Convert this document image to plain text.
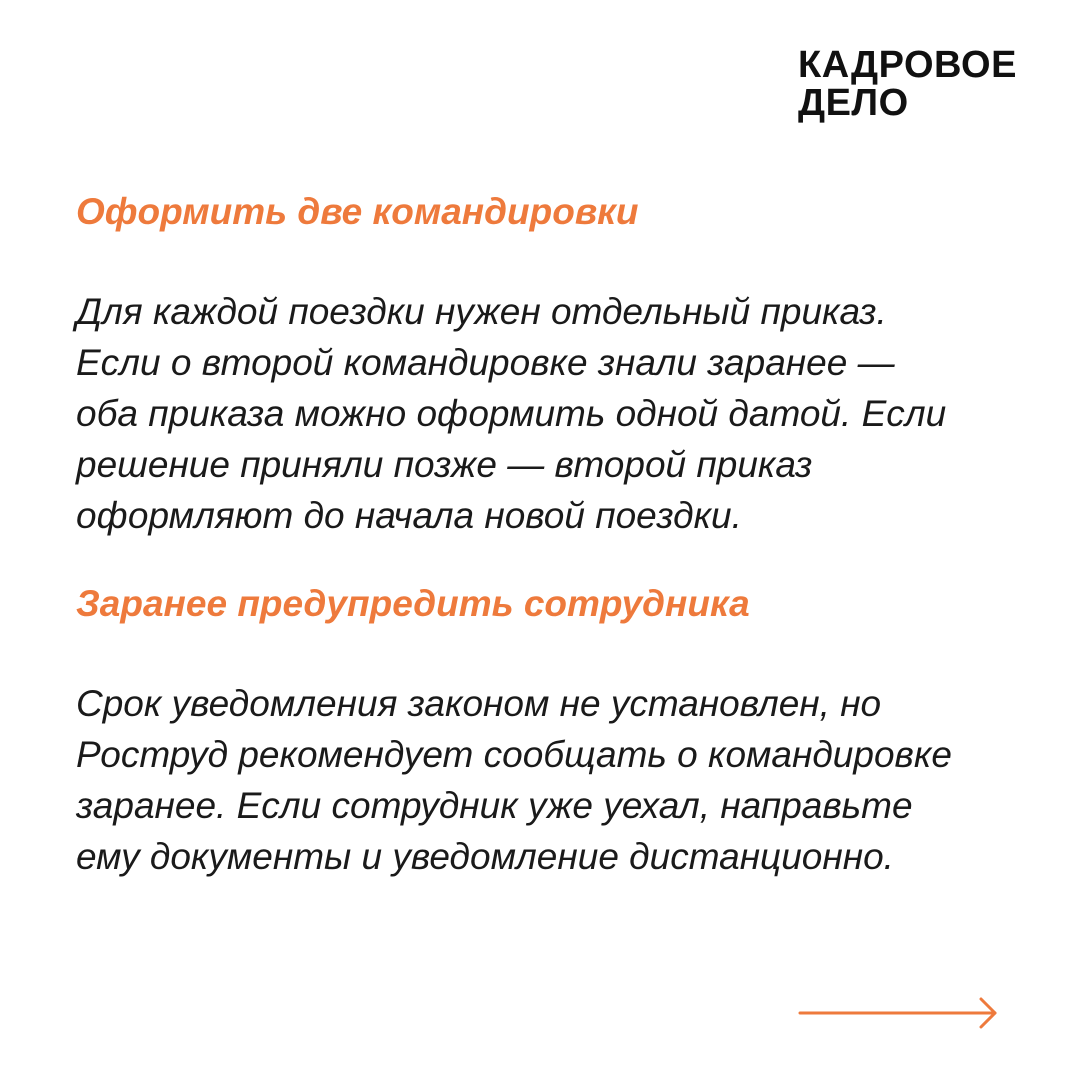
КАДРОВОЕ
ДЕЛО
Оформить две командировки

Для каждой поездки нужен отдельный приказ.
Если о второй командировке знали заранее —
оба приказа можно оформить одной датой. Если
решение приняли позже — второй приказ
оформляют до начала новой поездки.

Заранее предупредить сотрудника

Срок уведомления законом не установлен, но
Роструд рекомендует сообщать о командировке
заранее. Если сотрудник уже уехал, направьте
ему документы и уведомление дистанционно.
